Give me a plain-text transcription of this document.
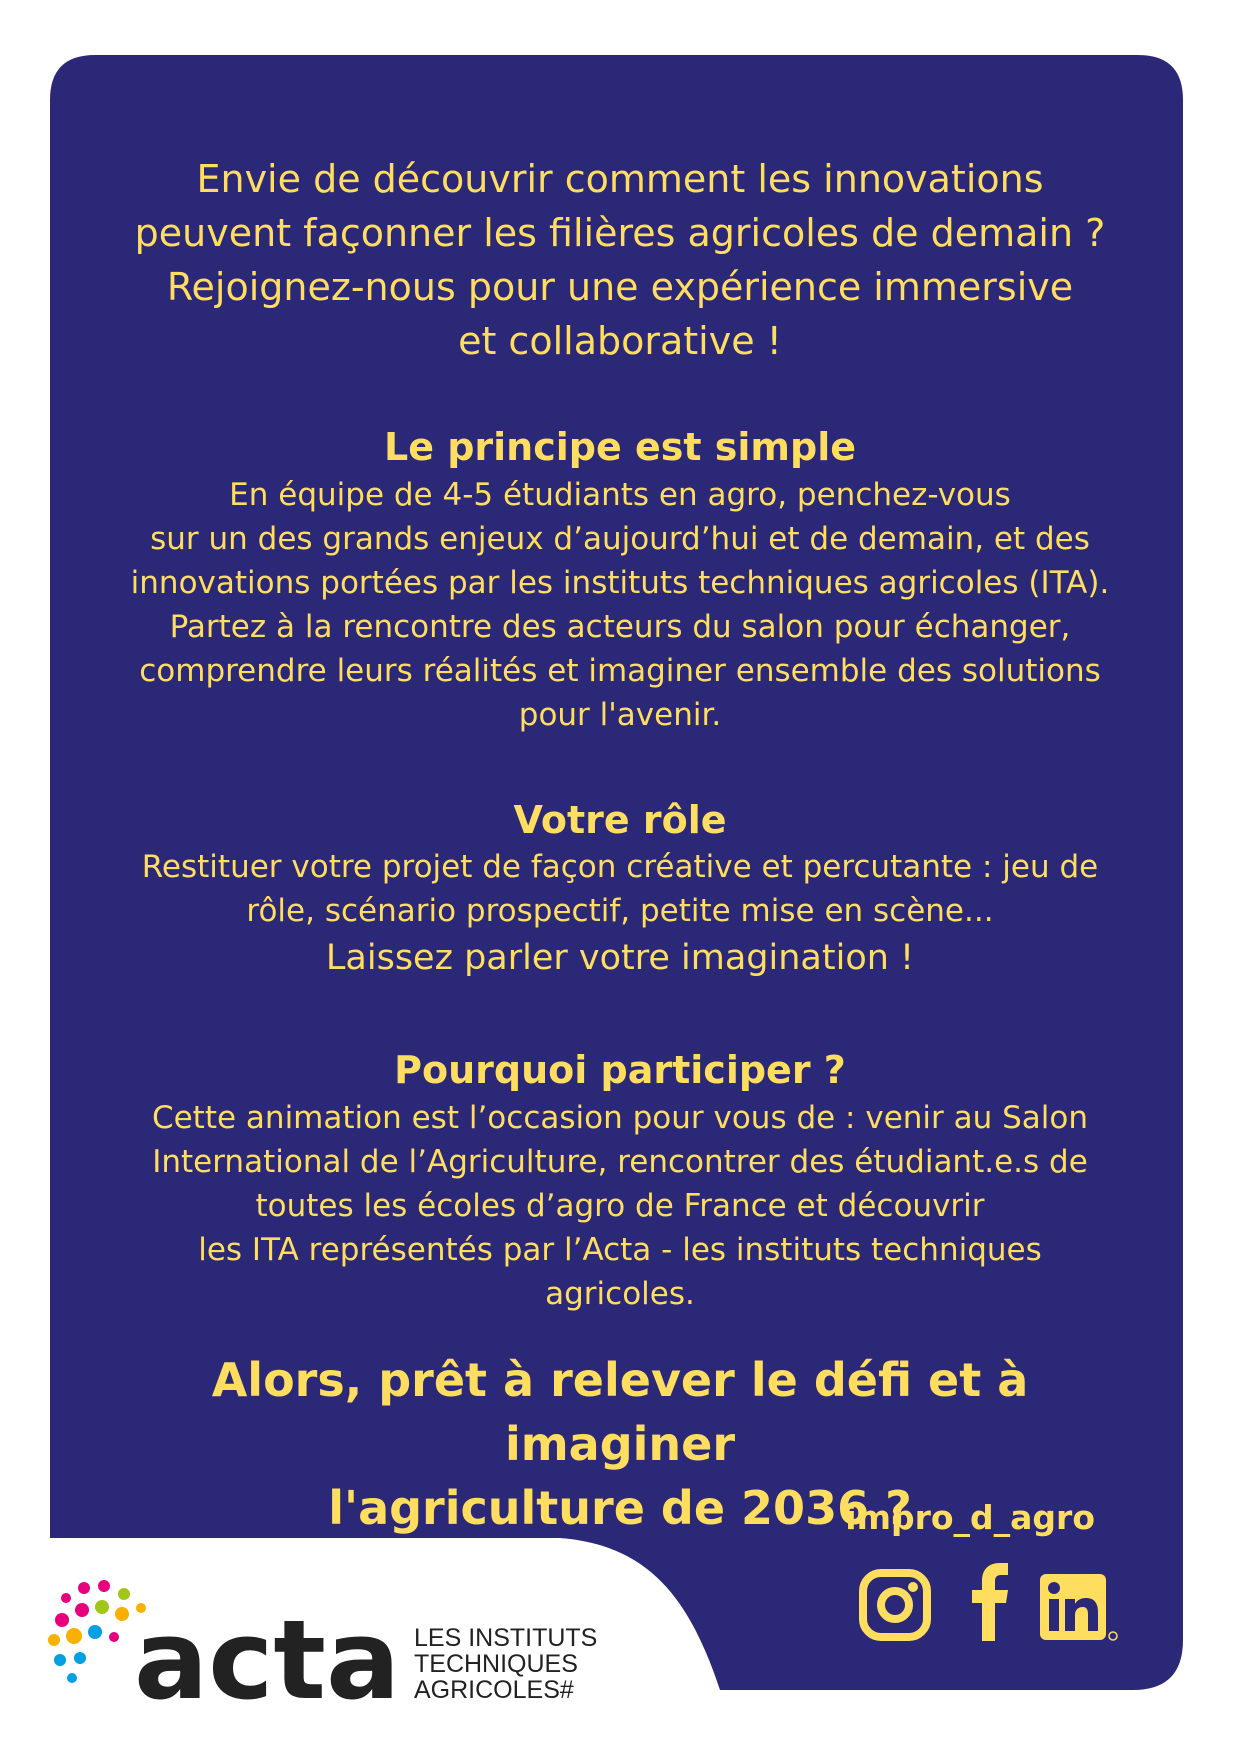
Envie de découvrir comment les innovations
peuvent façonner les filières agricoles de demain ?
Rejoignez-nous pour une expérience immersive
et collaborative !
Le principe est simple
En équipe de 4-5 étudiants en agro, penchez-vous
sur un des grands enjeux d’aujourd’hui et de demain, et des
innovations portées par les instituts techniques agricoles (ITA).
Partez à la rencontre des acteurs du salon pour échanger,
comprendre leurs réalités et imaginer ensemble des solutions
pour l'avenir.
Votre rôle
Restituer votre projet de façon créative et percutante : jeu de
rôle, scénario prospectif, petite mise en scène...
Laissez parler votre imagination !
Pourquoi participer ?
Cette animation est l’occasion pour vous de : venir au Salon
International de l’Agriculture, rencontrer des étudiant.e.s de
toutes les écoles d’agro de France et découvrir
les ITA représentés par l’Acta - les instituts techniques
agricoles.
Alors, prêt à relever le défi et à imaginer
l'agriculture de 2036 ?
impro_d_agro
acta LES INSTITUTS
TECHNIQUES
AGRICOLES#
